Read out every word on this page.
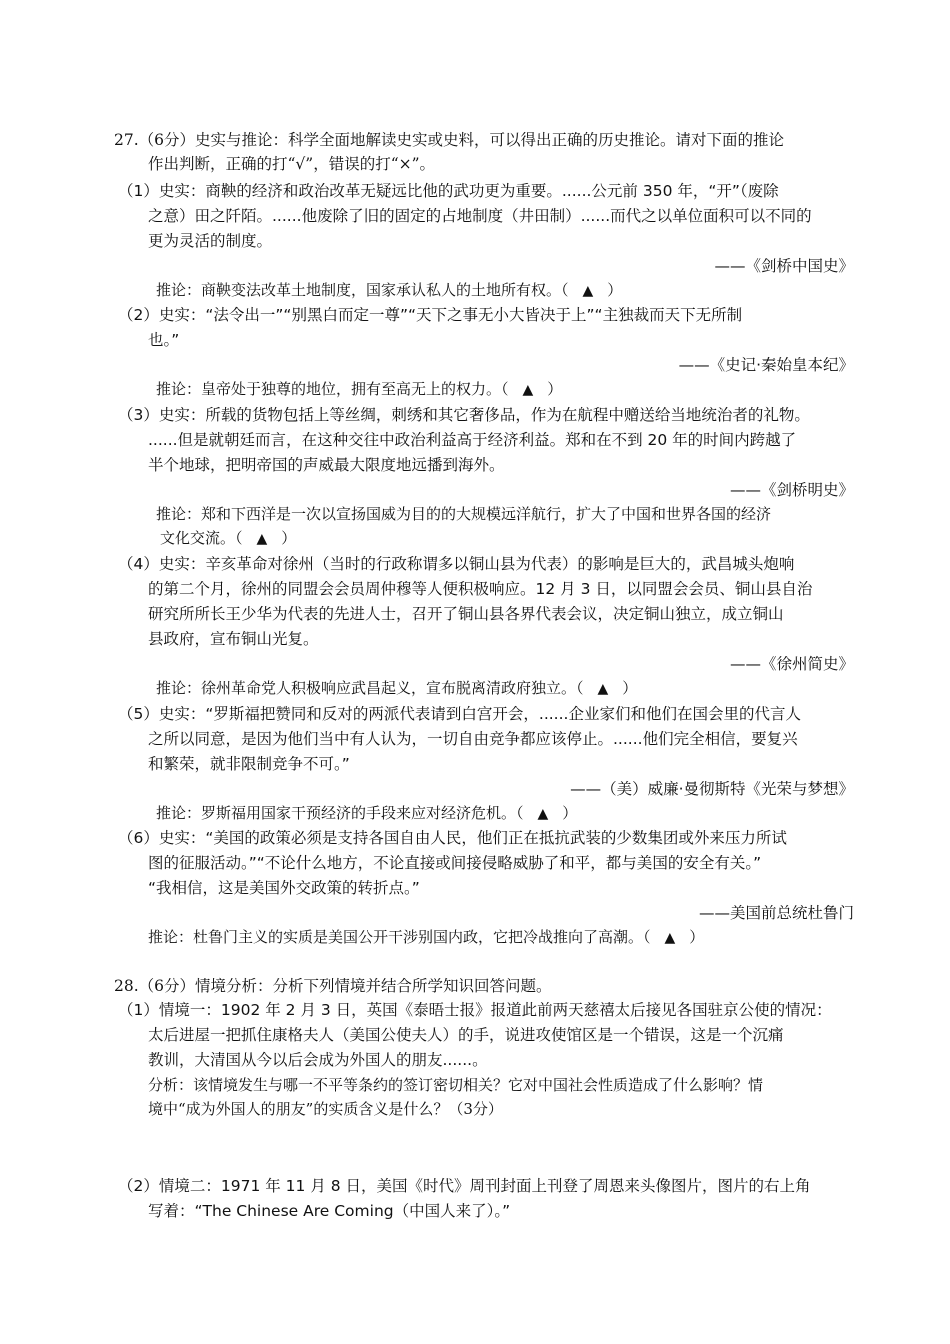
27.（6分）史实与推论：科学全面地解读史实或史料，可以得出正确的历史推论。请对下面的推论
作出判断，正确的打“√”，错误的打“×”。
（1）史实：商鞅的经济和政治改革无疑远比他的武功更为重要。......公元前 350 年，“开”（废除
之意）田之阡陌。......他废除了旧的固定的占地制度（井田制）......而代之以单位面积可以不同的
更为灵活的制度。
——《剑桥中国史》
推论：商鞅变法改革土地制度，国家承认私人的土地所有权。（ ▲ ）
（2）史实：“法令出一”“别黑白而定一尊”“天下之事无小大皆决于上”“主独裁而天下无所制
也。”
——《史记·秦始皇本纪》
推论：皇帝处于独尊的地位，拥有至高无上的权力。（ ▲ ）
（3）史实：所载的货物包括上等丝绸，刺绣和其它奢侈品，作为在航程中赠送给当地统治者的礼物。
......但是就朝廷而言，在这种交往中政治利益高于经济利益。郑和在不到 20 年的时间内跨越了
半个地球，把明帝国的声威最大限度地远播到海外。
——《剑桥明史》
推论：郑和下西洋是一次以宣扬国威为目的的大规模远洋航行，扩大了中国和世界各国的经济
文化交流。（ ▲ ）
（4）史实：辛亥革命对徐州（当时的行政称谓多以铜山县为代表）的影响是巨大的，武昌城头炮响
的第二个月，徐州的同盟会会员周仲穆等人便积极响应。12 月 3 日，以同盟会会员、铜山县自治
研究所所长王少华为代表的先进人士，召开了铜山县各界代表会议，决定铜山独立，成立铜山
县政府，宣布铜山光复。
——《徐州简史》
推论：徐州革命党人积极响应武昌起义，宣布脱离清政府独立。（ ▲ ）
（5）史实：“罗斯福把赞同和反对的两派代表请到白宫开会，......企业家们和他们在国会里的代言人
之所以同意，是因为他们当中有人认为，一切自由竞争都应该停止。......他们完全相信，要复兴
和繁荣，就非限制竞争不可。”
——（美）威廉·曼彻斯特《光荣与梦想》
推论：罗斯福用国家干预经济的手段来应对经济危机。（ ▲ ）
（6）史实：“美国的政策必须是支持各国自由人民，他们正在抵抗武装的少数集团或外来压力所试
图的征服活动。”“不论什么地方，不论直接或间接侵略威胁了和平，都与美国的安全有关。”
“我相信，这是美国外交政策的转折点。”
——美国前总统杜鲁门
推论：杜鲁门主义的实质是美国公开干涉别国内政，它把冷战推向了高潮。（ ▲ ）
28.（6分）情境分析：分析下列情境并结合所学知识回答问题。
（1）情境一：1902 年 2 月 3 日，英国《泰晤士报》报道此前两天慈禧太后接见各国驻京公使的情况：
太后进屋一把抓住康格夫人（美国公使夫人）的手，说进攻使馆区是一个错误，这是一个沉痛
教训，大清国从今以后会成为外国人的朋友......。
分析：该情境发生与哪一不平等条约的签订密切相关？它对中国社会性质造成了什么影响？情
境中“成为外国人的朋友”的实质含义是什么？（3分）
（2）情境二：1971 年 11 月 8 日，美国《时代》周刊封面上刊登了周恩来头像图片，图片的右上角
写着：“The Chinese Are Coming（中国人来了）。”
